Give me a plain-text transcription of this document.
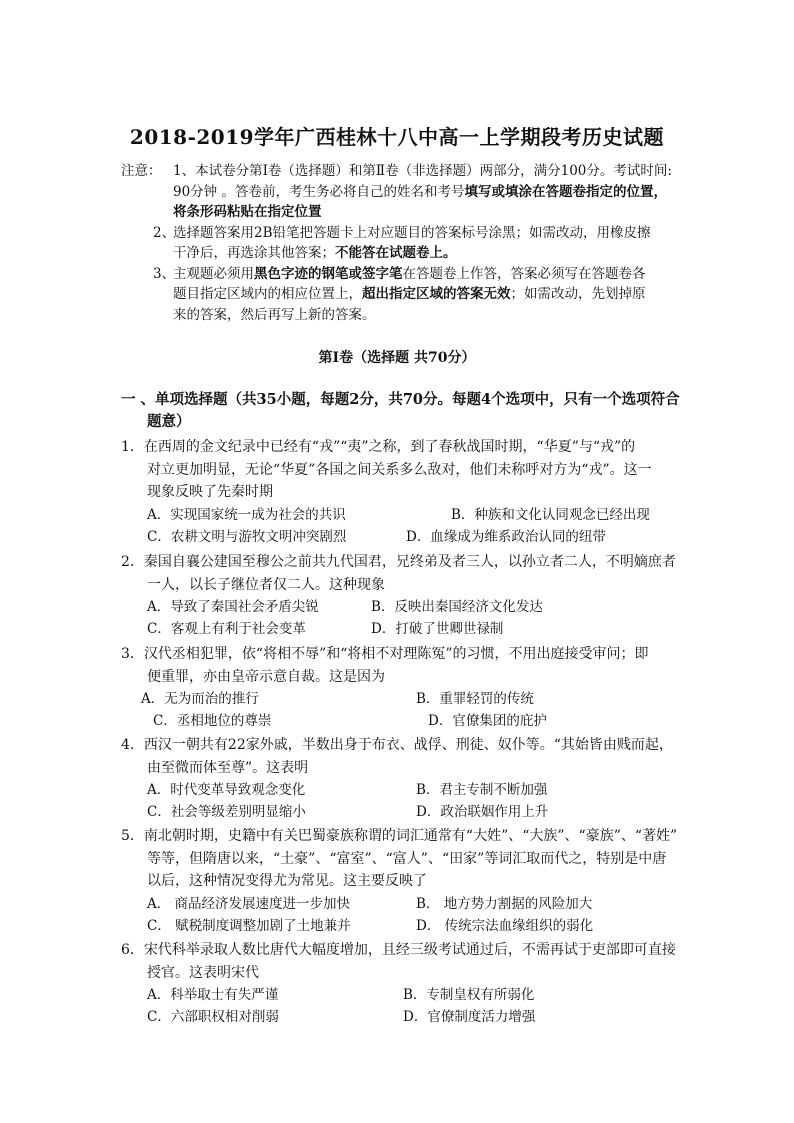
2018-2019学年广西桂林十八中高一上学期段考历史试题
注意： 1、本试卷分第Ⅰ卷（选择题）和第Ⅱ卷（非选择题）两部分，满分100分。考试时间:
90分钟 。答卷前，考生务必将自己的姓名和考号填写或填涂在答题卷指定的位置，
将条形码粘贴在指定位置
2、选择题答案用2B铅笔把答题卡上对应题目的答案标号涂黑；如需改动，用橡皮擦
干净后，再选涂其他答案；不能答在试题卷上。
3、主观题必须用黑色字迹的钢笔或签字笔在答题卷上作答，答案必须写在答题卷各
题目指定区域内的相应位置上，超出指定区域的答案无效；如需改动，先划掉原
来的答案，然后再写上新的答案。
第Ⅰ卷（选择题 共70分）
一 、单项选择题（共35小题，每题2分，共70分。每题4个选项中，只有一个选项符合
题意）
1．在西周的金文纪录中已经有“戎”“夷”之称，到了春秋战国时期，“华夏”与“戎”的
对立更加明显，无论“华夏”各国之间关系多么敌对，他们未称呼对方为“戎”。这一
现象反映了先秦时期
A．实现国家统一成为社会的共识	B．种族和文化认同观念已经出现
C．农耕文明与游牧文明冲突剧烈	D．血缘成为维系政治认同的纽带
2．秦国自襄公建国至穆公之前共九代国君，兄终弟及者三人，以孙立者二人，不明嫡庶者
一人，以长子继位者仅二人。这种现象
A．导致了秦国社会矛盾尖锐	B．反映出秦国经济文化发达
C．客观上有利于社会变革	D．打破了世卿世禄制
3．汉代丞相犯罪，依“将相不辱”和“将相不对理陈冤”的习惯，不用出庭接受审问；即
便重罪，亦由皇帝示意自裁。这是因为
A．无为而治的推行	B．重罪轻罚的传统
C．丞相地位的尊崇	D．官僚集团的庇护
4．西汉一朝共有22家外戚，半数出身于布衣、战俘、刑徒、奴仆等。“其始皆由贱而起，
由至微而体至尊”。这表明
A．时代变革导致观念变化	B．君主专制不断加强
C．社会等级差别明显缩小	D．政治联姻作用上升
5．南北朝时期，史籍中有关巴蜀豪族称谓的词汇通常有“大姓”、“大族”、“豪族”、“著姓”
等等，但隋唐以来，“土豪”、“富室”、“富人”、“田家”等词汇取而代之，特别是中唐
以后，这种情况变得尤为常见。这主要反映了
A． 商品经济发展速度进一步加快	B． 地方势力割据的风险加大
C． 赋税制度调整加剧了土地兼并	D． 传统宗法血缘组织的弱化
6．宋代科举录取人数比唐代大幅度增加，且经三级考试通过后，不需再试于吏部即可直接
授官。这表明宋代
A．科举取士有失严谨	B．专制皇权有所弱化
C．六部职权相对削弱	D．官僚制度活力增强
